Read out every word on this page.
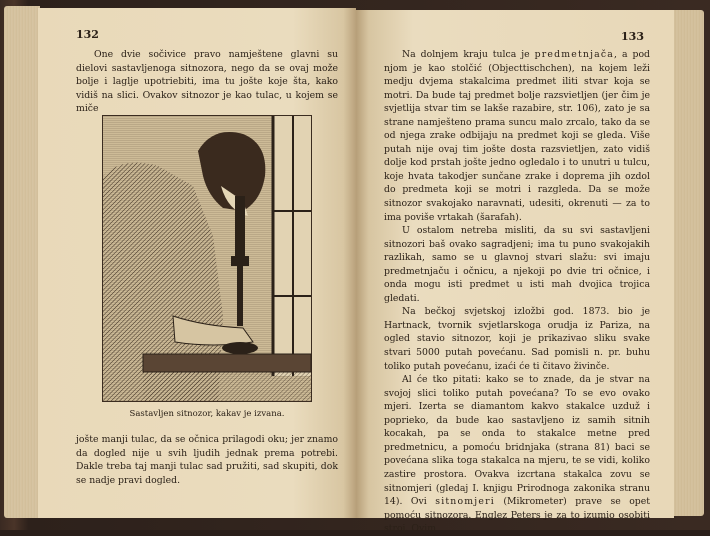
132

One dvie sočivice pravo namještene glavni su dielovi sastavljenoga sitnozora, nego da se ovaj može bolje i laglje upotriebiti, ima tu jošte koje šta, kako vidiš na slici. Ovakov sitnozor je kao tulac, u kojem se miče

Sastavljen sitnozor, kakav je izvana.

jošte manji tulac, da se očnica prilagodi oku; jer znamo da dogled nije u svih ljudih jednak prema potrebi. Dakle treba taj manji tulac sad pružiti, sad skupiti, dok se nadje pravi dogled.

133

Na dolnjem kraju tulca je predmetnjača, a pod njom je kao stolčić (Objecttischchen), na kojem leži medju dvjema stakalcima predmet iliti stvar koja se motri. Da bude taj predmet bolje razsvietljen (jer čim je svjetlija stvar tim se lakše razabire, str. 106), zato je sa strane namješteno prama suncu malo zrcalo, tako da se od njega zrake odbijaju na predmet koji se gleda. Više putah nije ovaj tim jošte dosta razsvietljen, zato vidiš dolje kod prstah jošte jedno ogledalo i to unutri u tulcu, koje hvata takodjer sunčane zrake i doprema jih ozdol do predmeta koji se motri i razgleda. Da se može sitnozor svakojako naravnati, udesiti, okrenuti — za to ima poviše vrtakah (šarafah).

U ostalom netreba misliti, da su svi sastavljeni sitnozori baš ovako sagradjeni; ima tu puno svakojakih razlikah, samo se u glavnoj stvari slažu: svi imaju predmetnjaču i očnicu, a njekoji po dvie tri očnice, i onda mogu isti predmet u isti mah dvojica trojica gledati.

Na bečkoj svjetskoj izložbi god. 1873. bio je Hartnack, tvornik svjetlarskoga orudja iz Pariza, na ogled stavio sitnozor, koji je prikazivao sliku svake stvari 5000 putah povećanu. Sad pomisli n. pr. buhu toliko putah povećanu, izaći će ti čitavo živinče.

Al će tko pitati: kako se to znade, da je stvar na svojoj slici toliko putah povećana? To se evo ovako mjeri. Izerta se diamantom kakvo stakalce uzduž i poprieko, da bude kao sastavljeno iz samih sitnih kocakah, pa se onda to stakalce metne pred predmetnicu, a pomoću bridnjaka (strana 81) baci se povećana slika toga stakalca na mjeru, te se vidi, koliko zastire prostora. Ovakva izcrtana stakalca zovu se sitnomjeri (gledaj I. knjigu Prirodnoga zakonika stranu 14). Ovi sitnomjeri (Mikrometer) prave se opet pomoću sitnozora. Englez Peters je za to izumio osobiti stroj. Ovim
